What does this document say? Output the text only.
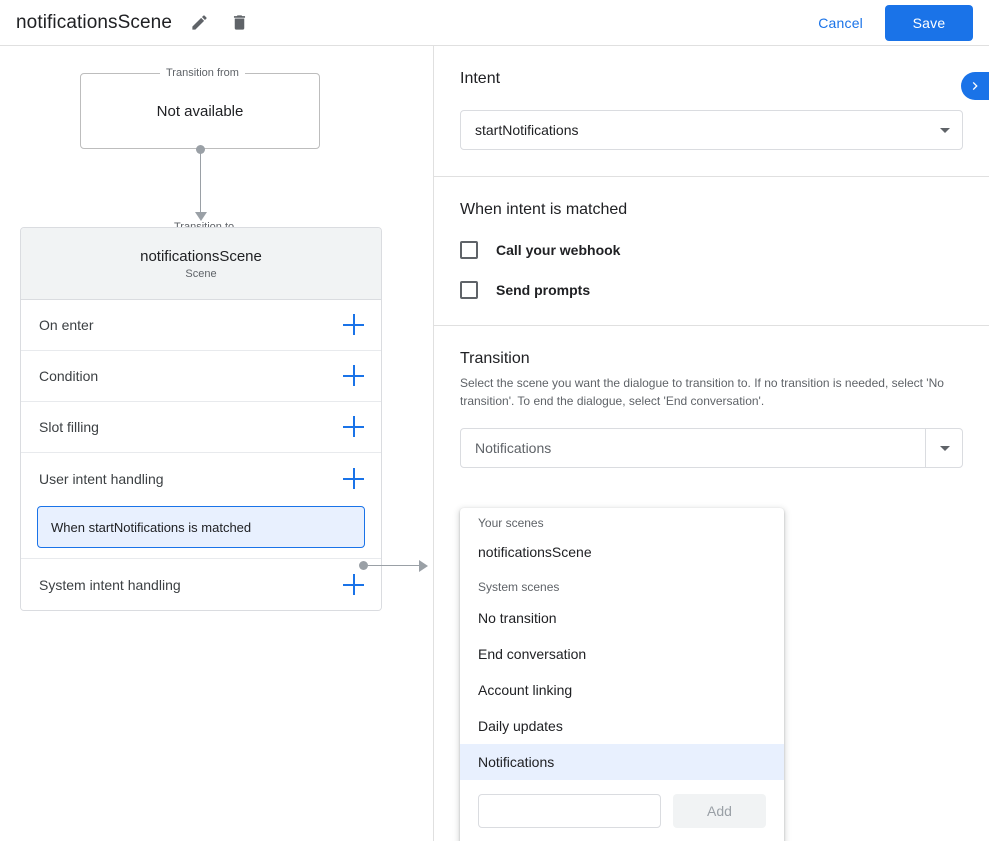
notificationsScene	Cancel	Save
Not available
Transition from
notificationsScene
Scene
On enter
Condition
Slot filling
User intent handling
When startNotifications is matched
System intent handling
Intent
startNotifications
When intent is matched
Call your webhook
Send prompts
Transition

Select the scene you want the dialogue to transition to. If no transition is needed, select 'No transition'. To end the dialogue, select 'End conversation'.

Notifications
Your scenes
notificationsScene
System scenes
No transition
End conversation
Account linking
Daily updates
Notifications
Add
